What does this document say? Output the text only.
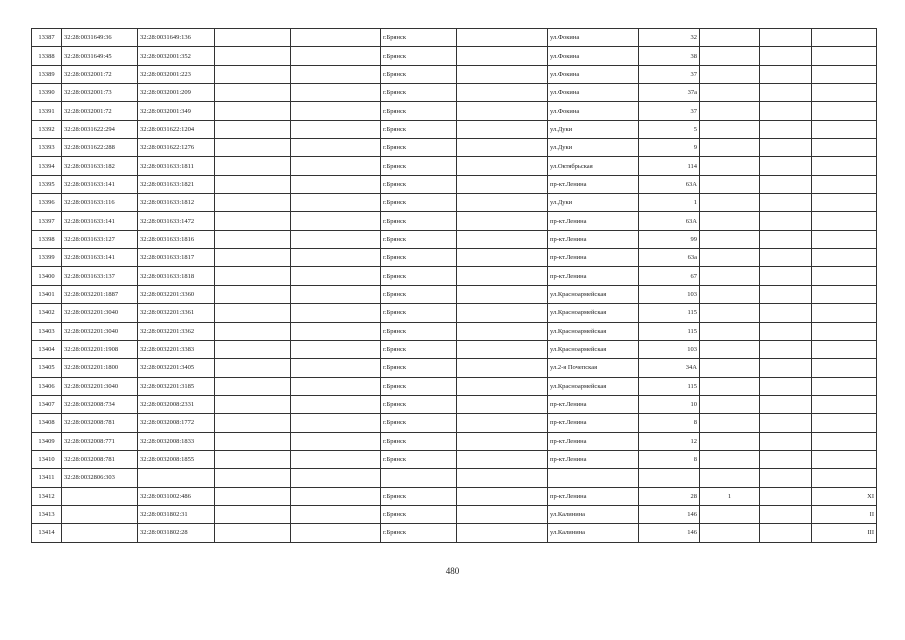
13387	32:28:0031649:36	32:28:0031649:136			г.Брянск		ул.Фокина	32			
13388	32:28:0031649:45	32:28:0032001:352			г.Брянск		ул.Фокина	38			
13389	32:28:0032001:72	32:28:0032001:223			г.Брянск		ул.Фокина	37			
13390	32:28:0032001:73	32:28:0032001:209			г.Брянск		ул.Фокина	37а			
13391	32:28:0032001:72	32:28:0032001:349			г.Брянск		ул.Фокина	37			
13392	32:28:0031622:294	32:28:0031622:1204			г.Брянск		ул.Дуки	5			
13393	32:28:0031622:288	32:28:0031622:1276			г.Брянск		ул.Дуки	9			
13394	32:28:0031633:182	32:28:0031633:1811			г.Брянск		ул.Октябрьская	114			
13395	32:28:0031633:141	32:28:0031633:1821			г.Брянск		пр-кт.Ленина	63А			
13396	32:28:0031633:116	32:28:0031633:1812			г.Брянск		ул.Дуки	1			
13397	32:28:0031633:141	32:28:0031633:1472			г.Брянск		пр-кт.Ленина	63А			
13398	32:28:0031633:127	32:28:0031633:1816			г.Брянск		пр-кт.Ленина	99			
13399	32:28:0031633:141	32:28:0031633:1817			г.Брянск		пр-кт.Ленина	63а			
13400	32:28:0031633:137	32:28:0031633:1818			г.Брянск		пр-кт.Ленина	67			
13401	32:28:0032201:1887	32:28:0032201:3360			г.Брянск		ул.Красноармейская	103			
13402	32:28:0032201:3040	32:28:0032201:3361			г.Брянск		ул.Красноармейская	115			
13403	32:28:0032201:3040	32:28:0032201:3362			г.Брянск		ул.Красноармейская	115			
13404	32:28:0032201:1908	32:28:0032201:3383			г.Брянск		ул.Красноармейская	103			
13405	32:28:0032201:1800	32:28:0032201:3405			г.Брянск		ул.2-я Почепская	34А			
13406	32:28:0032201:3040	32:28:0032201:3185			г.Брянск		ул.Красноармейская	115			
13407	32:28:0032008:734	32:28:0032008:2331			г.Брянск		пр-кт.Ленина	10			
13408	32:28:0032008:781	32:28:0032008:1772			г.Брянск		пр-кт.Ленина	8			
13409	32:28:0032008:771	32:28:0032008:1833			г.Брянск		пр-кт.Ленина	12			
13410	32:28:0032008:781	32:28:0032008:1855			г.Брянск		пр-кт.Ленина	8			
13411	32:28:0032806:303										
13412		32:28:0031002:486			г.Брянск		пр-кт.Ленина	28	1		XI
13413		32:28:0031802:31			г.Брянск		ул.Калинина	146			II
13414		32:28:0031802:28			г.Брянск		ул.Калинина	146			III
480
